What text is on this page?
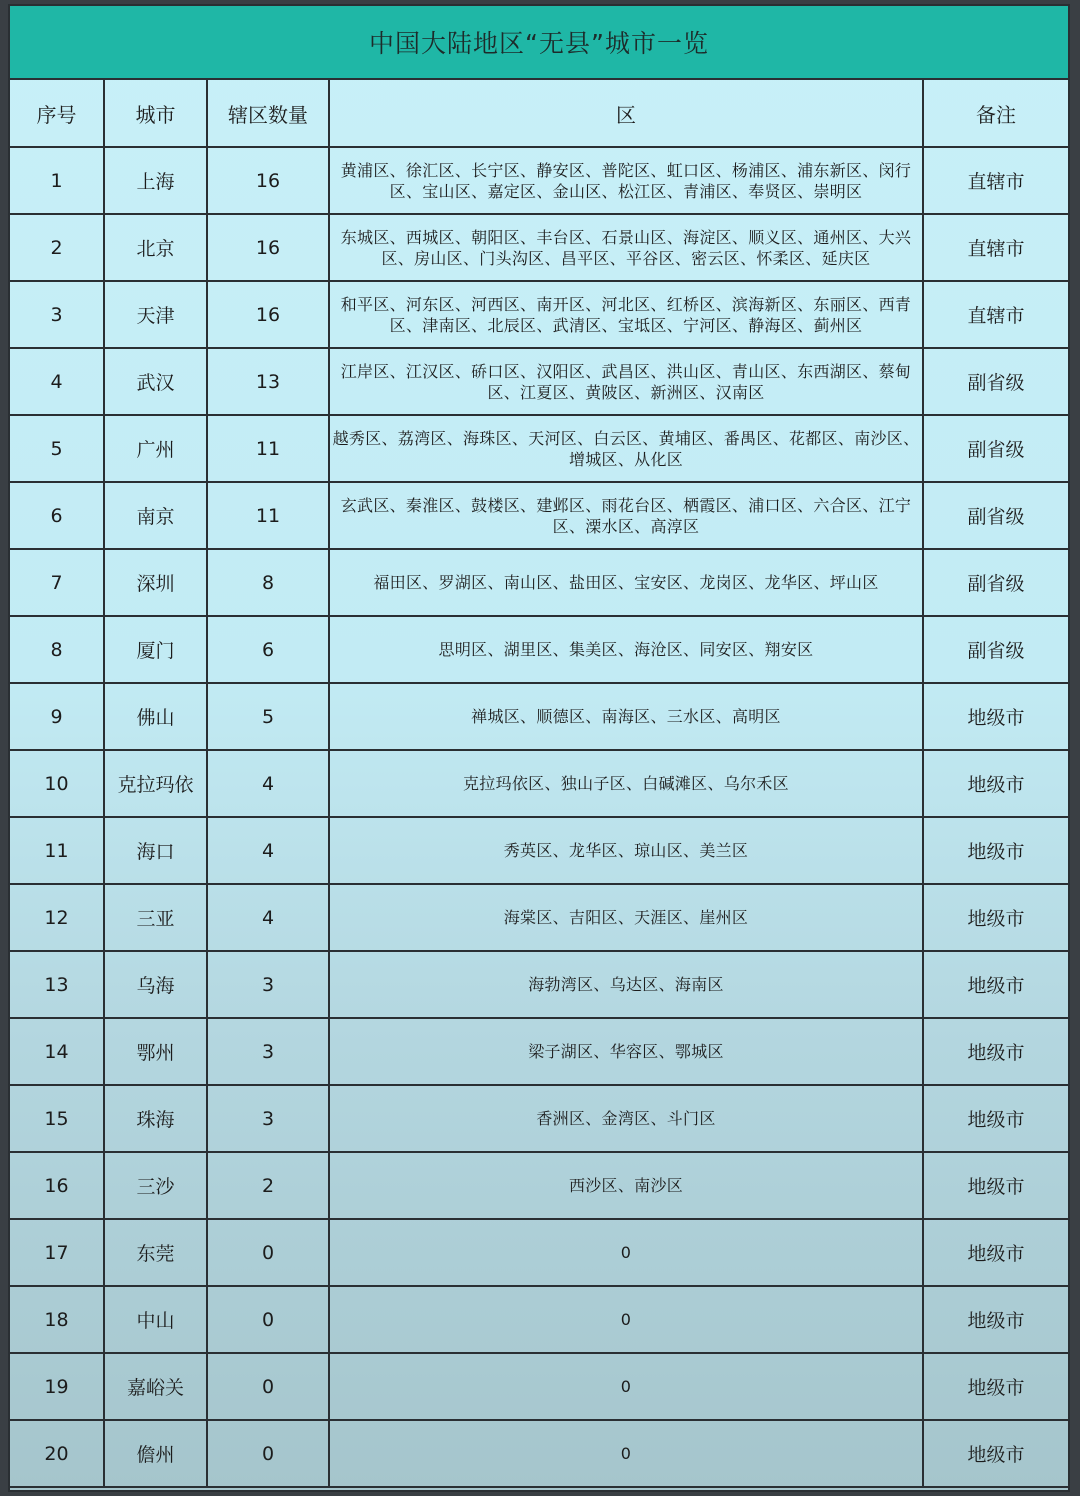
中国大陆地区“无县”城市一览
序号	城市	辖区数量	区	备注
1	上海	16	黄浦区、徐汇区、长宁区、静安区、普陀区、虹口区、杨浦区、浦东新区、闵行区、宝山区、嘉定区、金山区、松江区、青浦区、奉贤区、崇明区	直辖市
2	北京	16	东城区、西城区、朝阳区、丰台区、石景山区、海淀区、顺义区、通州区、大兴区、房山区、门头沟区、昌平区、平谷区、密云区、怀柔区、延庆区	直辖市
3	天津	16	和平区、河东区、河西区、南开区、河北区、红桥区、滨海新区、东丽区、西青区、津南区、北辰区、武清区、宝坻区、宁河区、静海区、蓟州区	直辖市
4	武汉	13	江岸区、江汉区、硚口区、汉阳区、武昌区、洪山区、青山区、东西湖区、蔡甸区、江夏区、黄陂区、新洲区、汉南区	副省级
5	广州	11	越秀区、荔湾区、海珠区、天河区、白云区、黄埔区、番禺区、花都区、南沙区、增城区、从化区	副省级
6	南京	11	玄武区、秦淮区、鼓楼区、建邺区、雨花台区、栖霞区、浦口区、六合区、江宁区、溧水区、高淳区	副省级
7	深圳	8	福田区、罗湖区、南山区、盐田区、宝安区、龙岗区、龙华区、坪山区	副省级
8	厦门	6	思明区、湖里区、集美区、海沧区、同安区、翔安区	副省级
9	佛山	5	禅城区、顺德区、南海区、三水区、高明区	地级市
10	克拉玛依	4	克拉玛依区、独山子区、白碱滩区、乌尔禾区	地级市
11	海口	4	秀英区、龙华区、琼山区、美兰区	地级市
12	三亚	4	海棠区、吉阳区、天涯区、崖州区	地级市
13	乌海	3	海勃湾区、乌达区、海南区	地级市
14	鄂州	3	梁子湖区、华容区、鄂城区	地级市
15	珠海	3	香洲区、金湾区、斗门区	地级市
16	三沙	2	西沙区、南沙区	地级市
17	东莞	0	0	地级市
18	中山	0	0	地级市
19	嘉峪关	0	0	地级市
20	儋州	0	0	地级市
